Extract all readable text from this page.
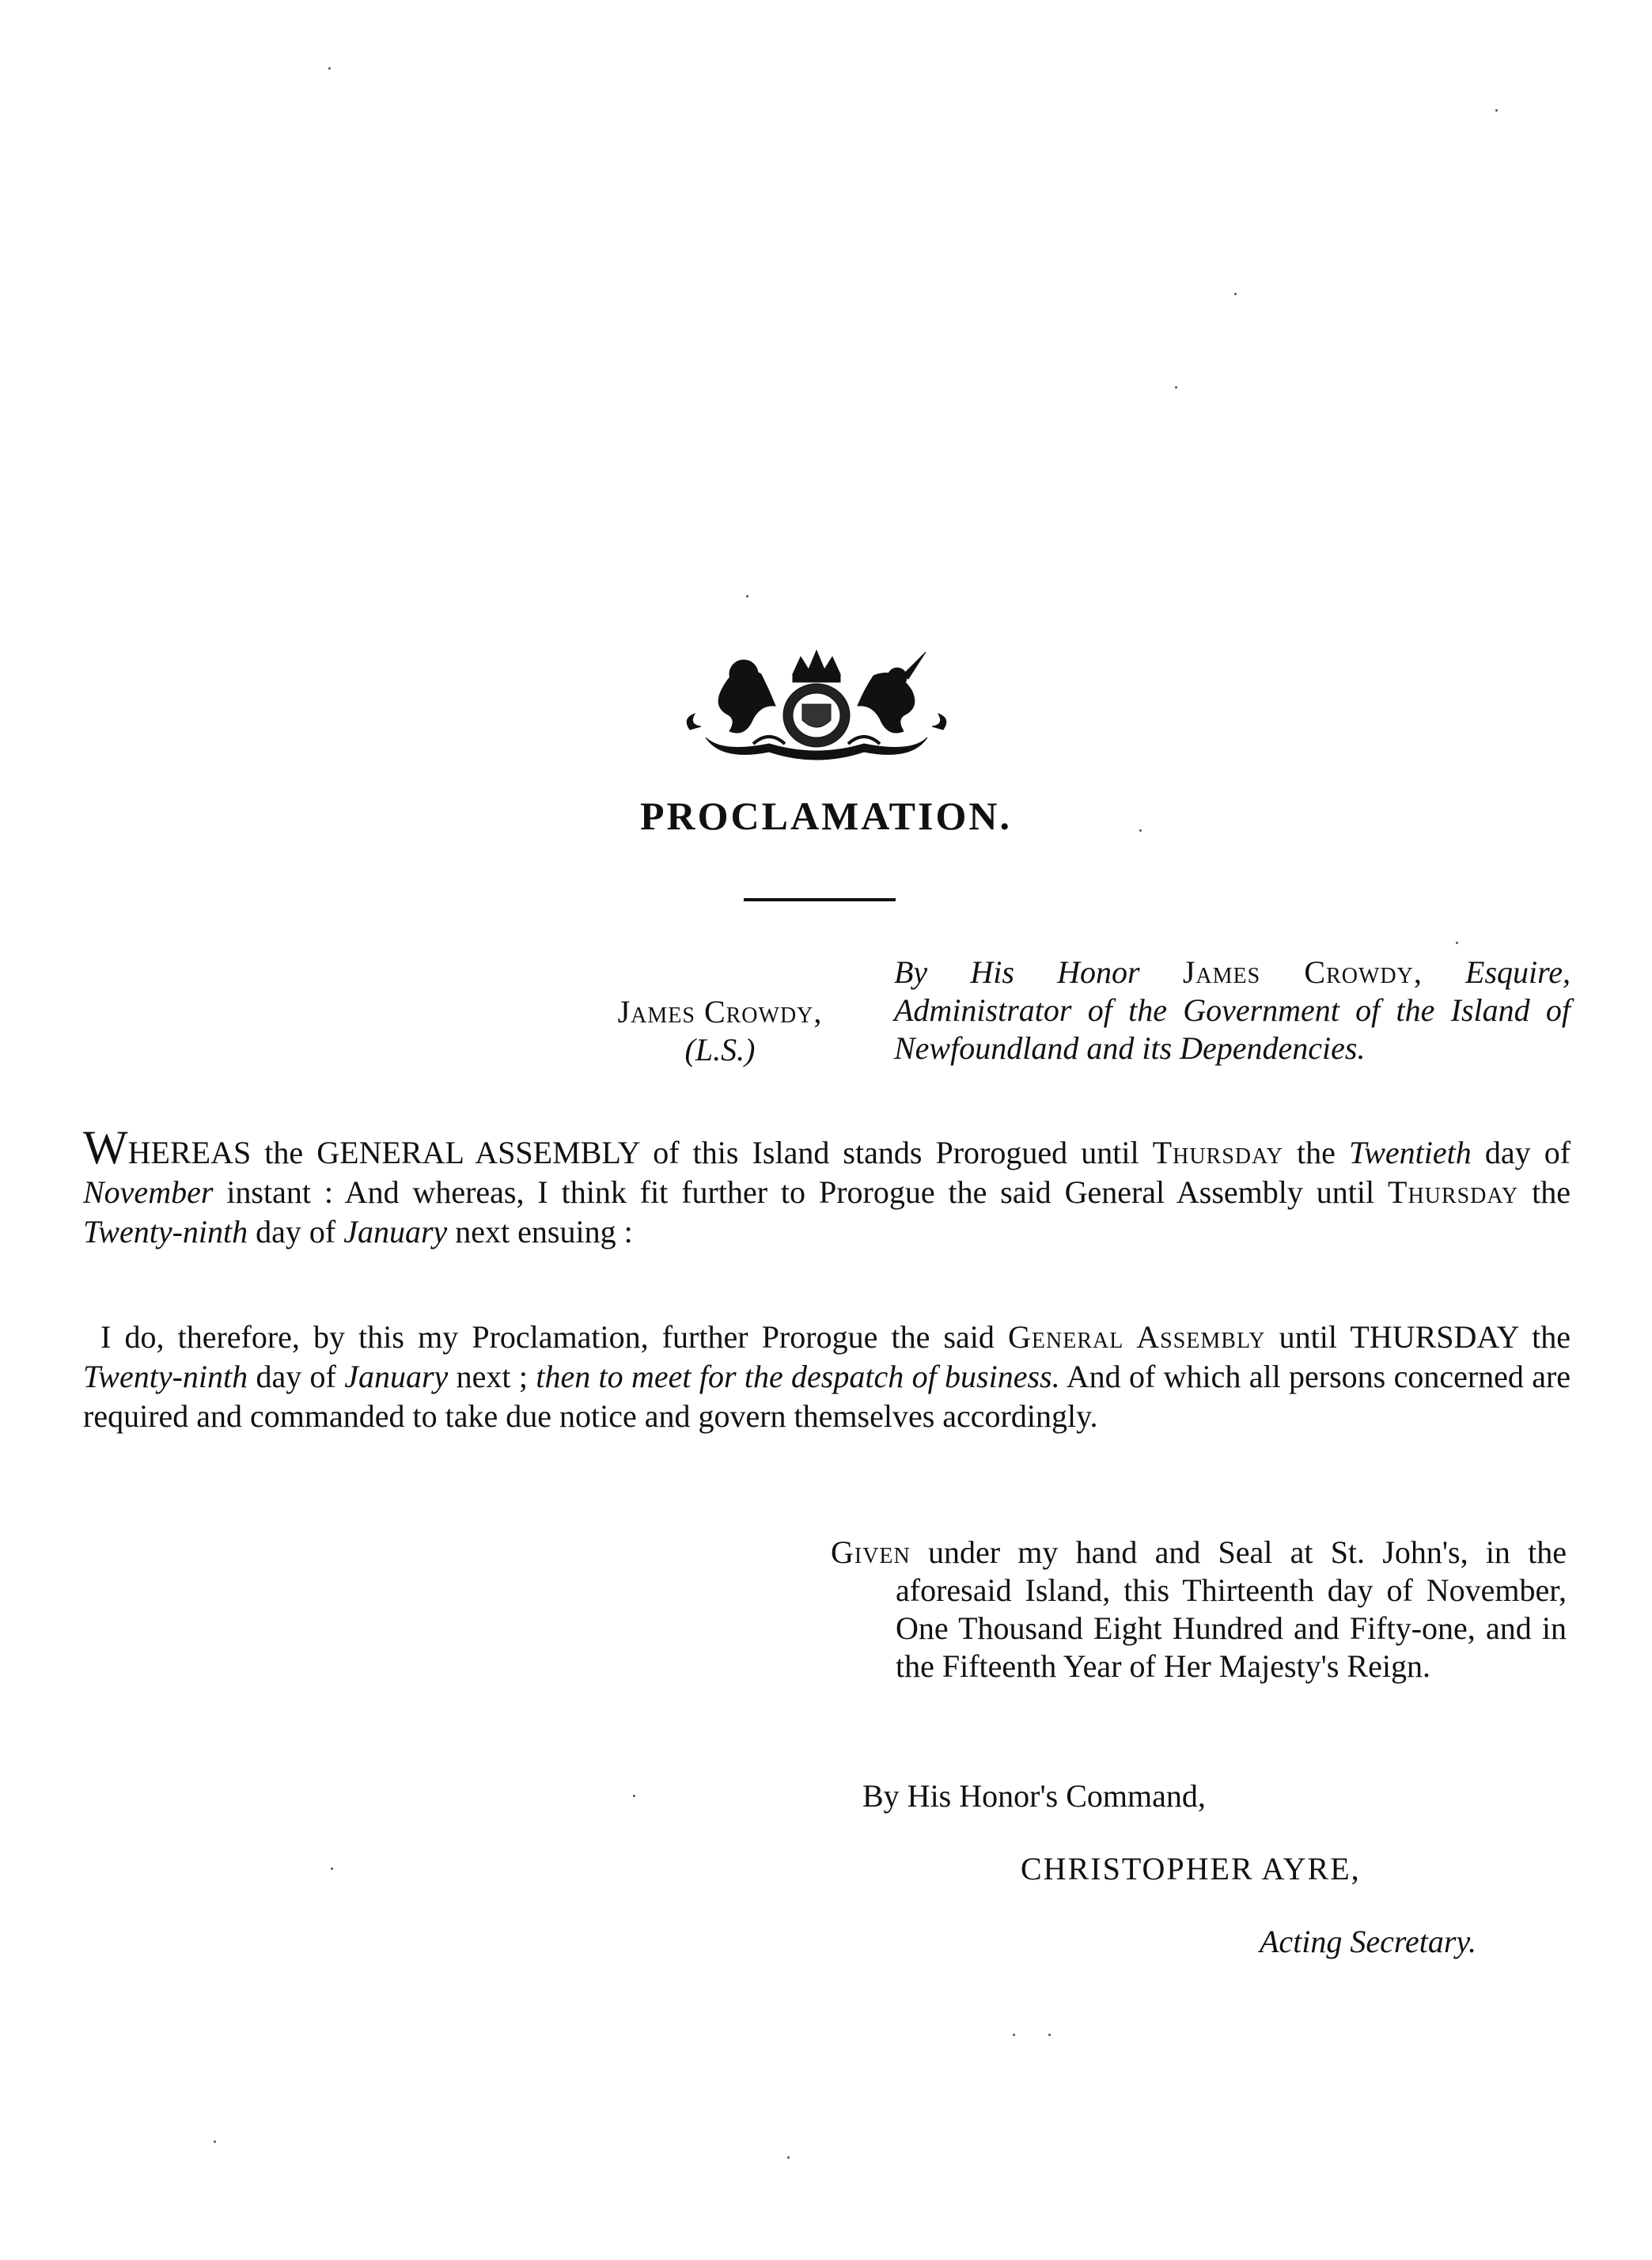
PROCLAMATION.
James Crowdy,
(L.S.)
By His Honor James Crowdy, Esquire, Administrator of the Government of the Island of Newfoundland and its Dependencies.
WHEREAS the GENERAL ASSEMBLY of this Island stands Prorogued until Thursday the Twentieth day of November instant : And whereas, I think fit further to Prorogue the said General Assembly until Thursday the Twenty-ninth day of January next ensuing :
I do, therefore, by this my Proclamation, further Prorogue the said General Assembly until THURSDAY the Twenty-ninth day of January next ; then to meet for the despatch of business. And of which all persons concerned are required and commanded to take due notice and govern themselves accordingly.
Given under my hand and Seal at St. John's, in the aforesaid Island, this Thirteenth day of November, One Thousand Eight Hundred and Fifty-one, and in the Fifteenth Year of Her Majesty's Reign.
By His Honor's Command,
CHRISTOPHER AYRE,
Acting Secretary.
